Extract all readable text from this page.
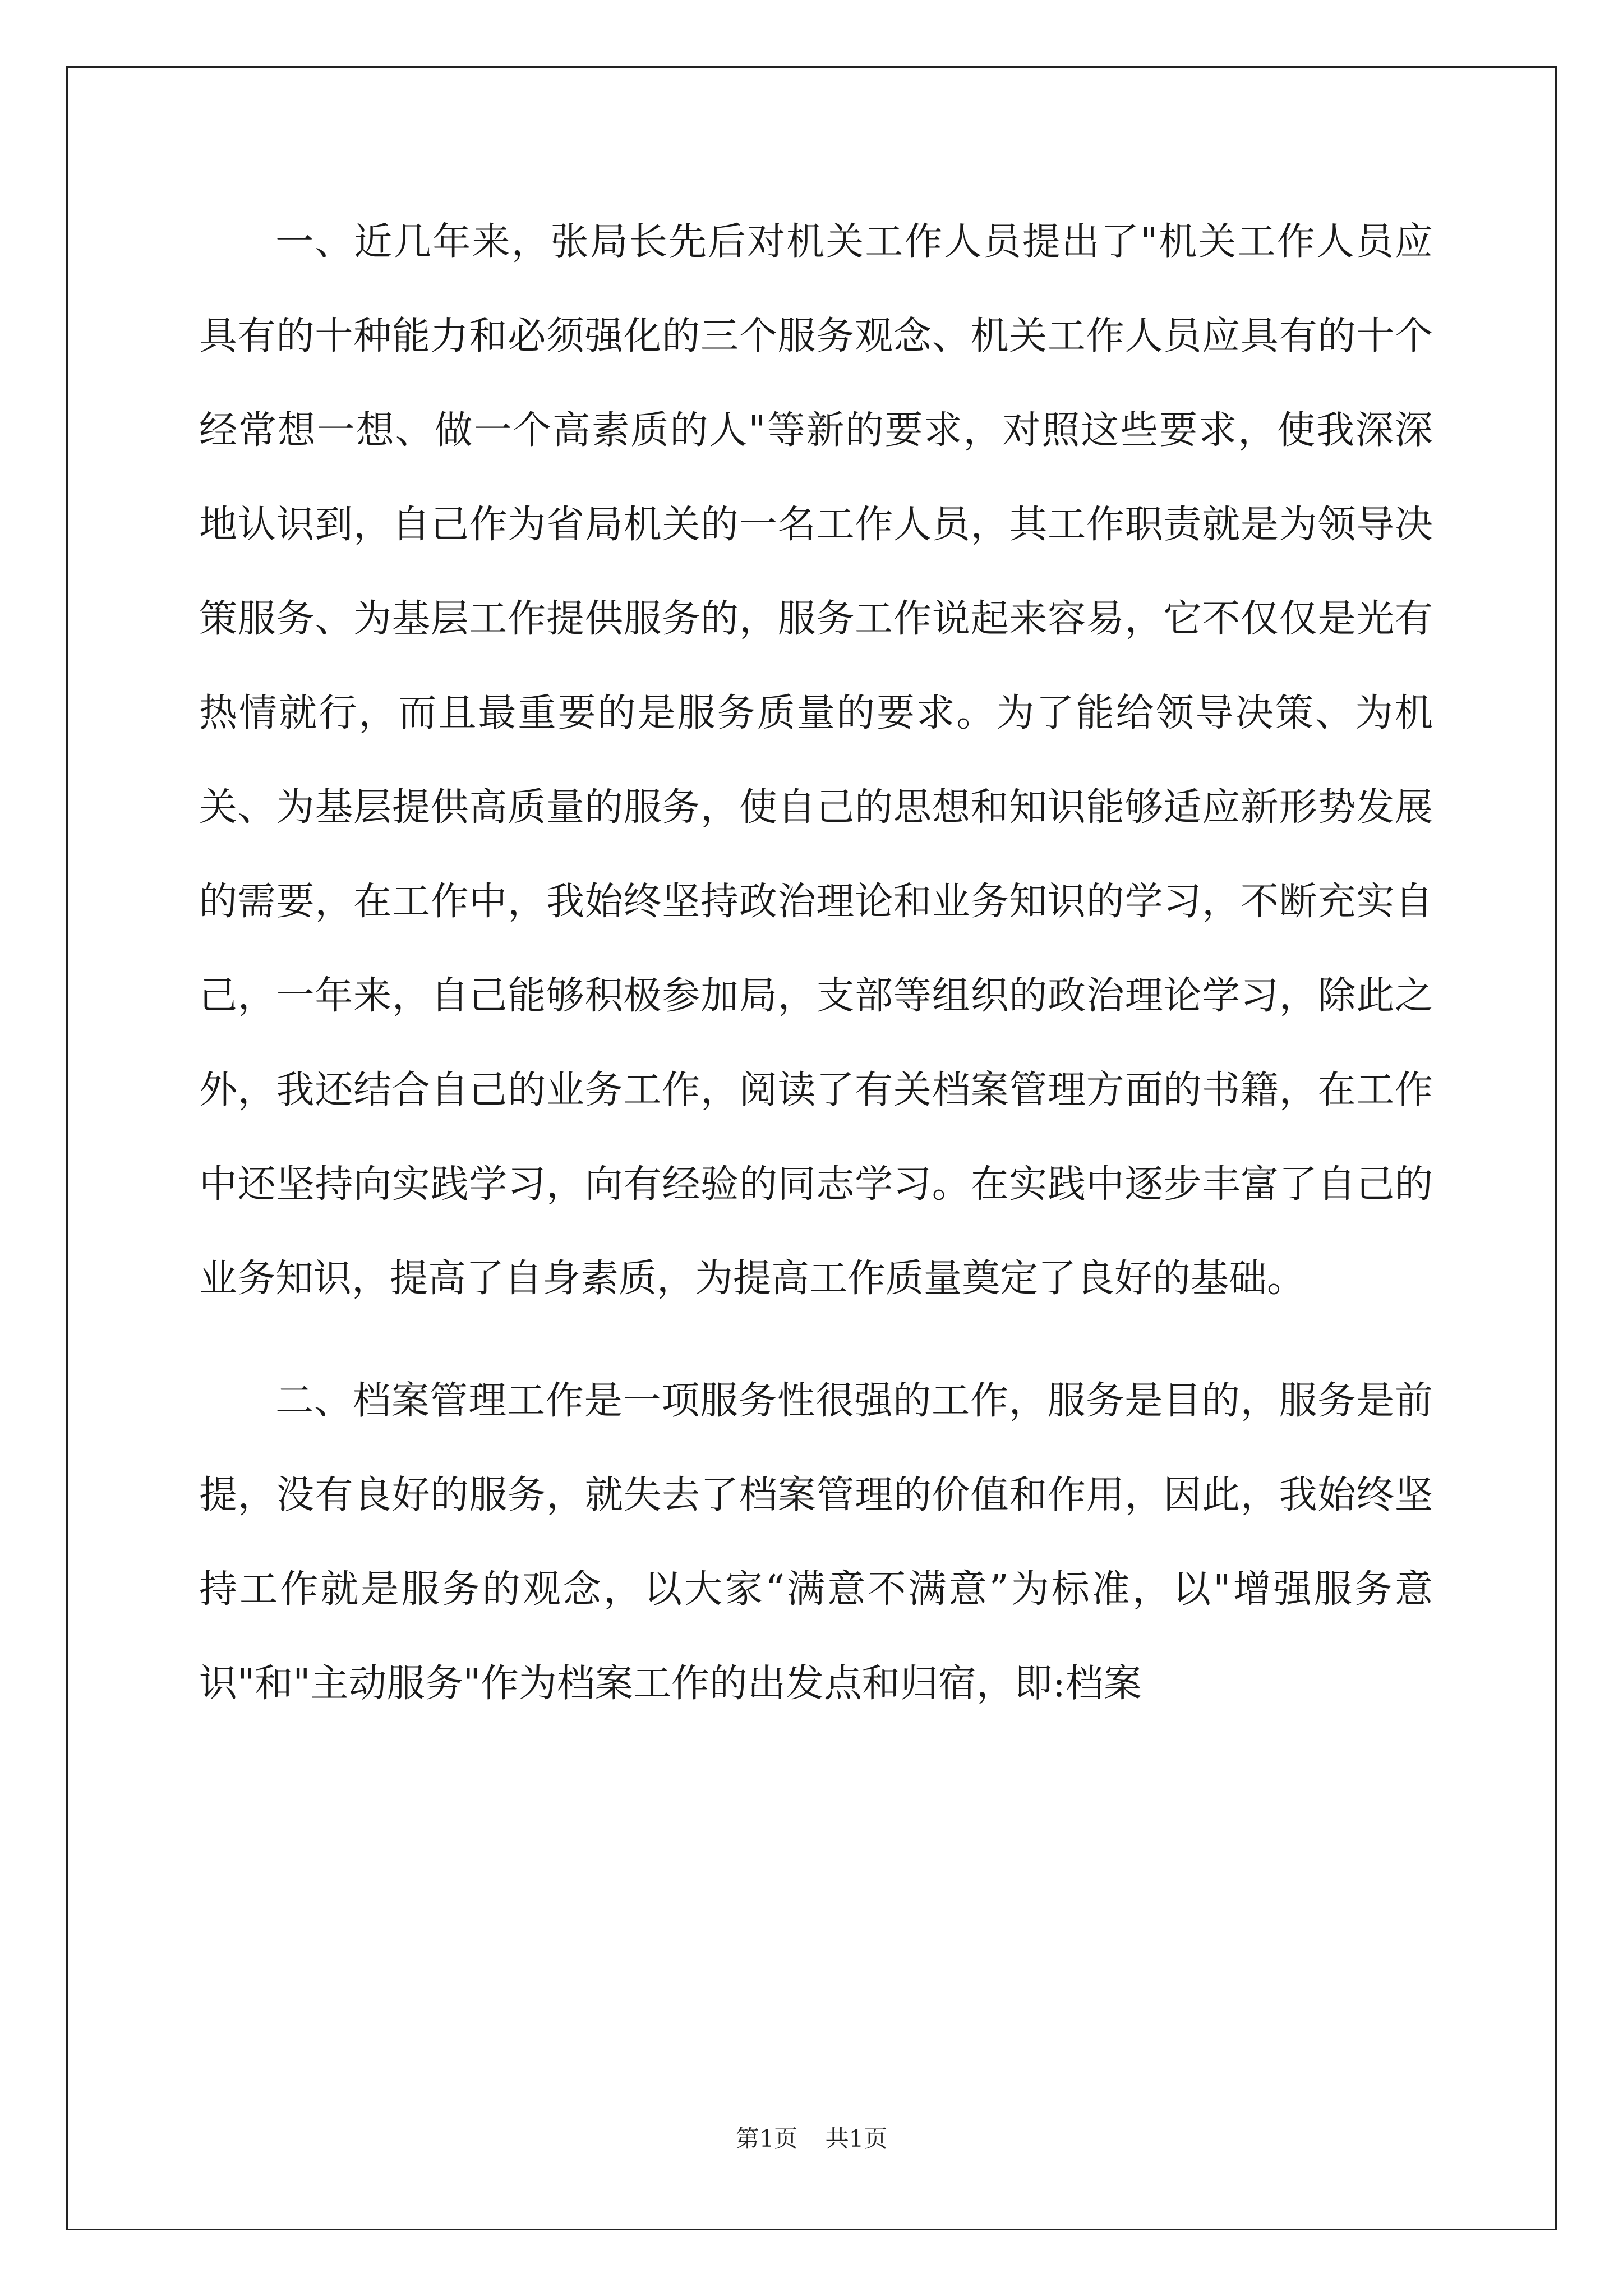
一、近几年来，张局长先后对机关工作人员提出了"机关工作人员应具有的十种能力和必须强化的三个服务观念、机关工作人员应具有的十个经常想一想、做一个高素质的人"等新的要求，对照这些要求，使我深深地认识到，自己作为省局机关的一名工作人员，其工作职责就是为领导决策服务、为基层工作提供服务的，服务工作说起来容易，它不仅仅是光有热情就行，而且最重要的是服务质量的要求。为了能给领导决策、为机关、为基层提供高质量的服务，使自己的思想和知识能够适应新形势发展的需要，在工作中，我始终坚持政治理论和业务知识的学习，不断充实自己，一年来，自己能够积极参加局，支部等组织的政治理论学习，除此之外，我还结合自己的业务工作，阅读了有关档案管理方面的书籍，在工作中还坚持向实践学习，向有经验的同志学习。在实践中逐步丰富了自己的业务知识，提高了自身素质，为提高工作质量奠定了良好的基础。

二、档案管理工作是一项服务性很强的工作，服务是目的，服务是前提，没有良好的服务，就失去了档案管理的价值和作用，因此，我始终坚持工作就是服务的观念，以大家“满意不满意”为标准，以"增强服务意识"和"主动服务"作为档案工作的出发点和归宿，即:档案

第1页 共1页
